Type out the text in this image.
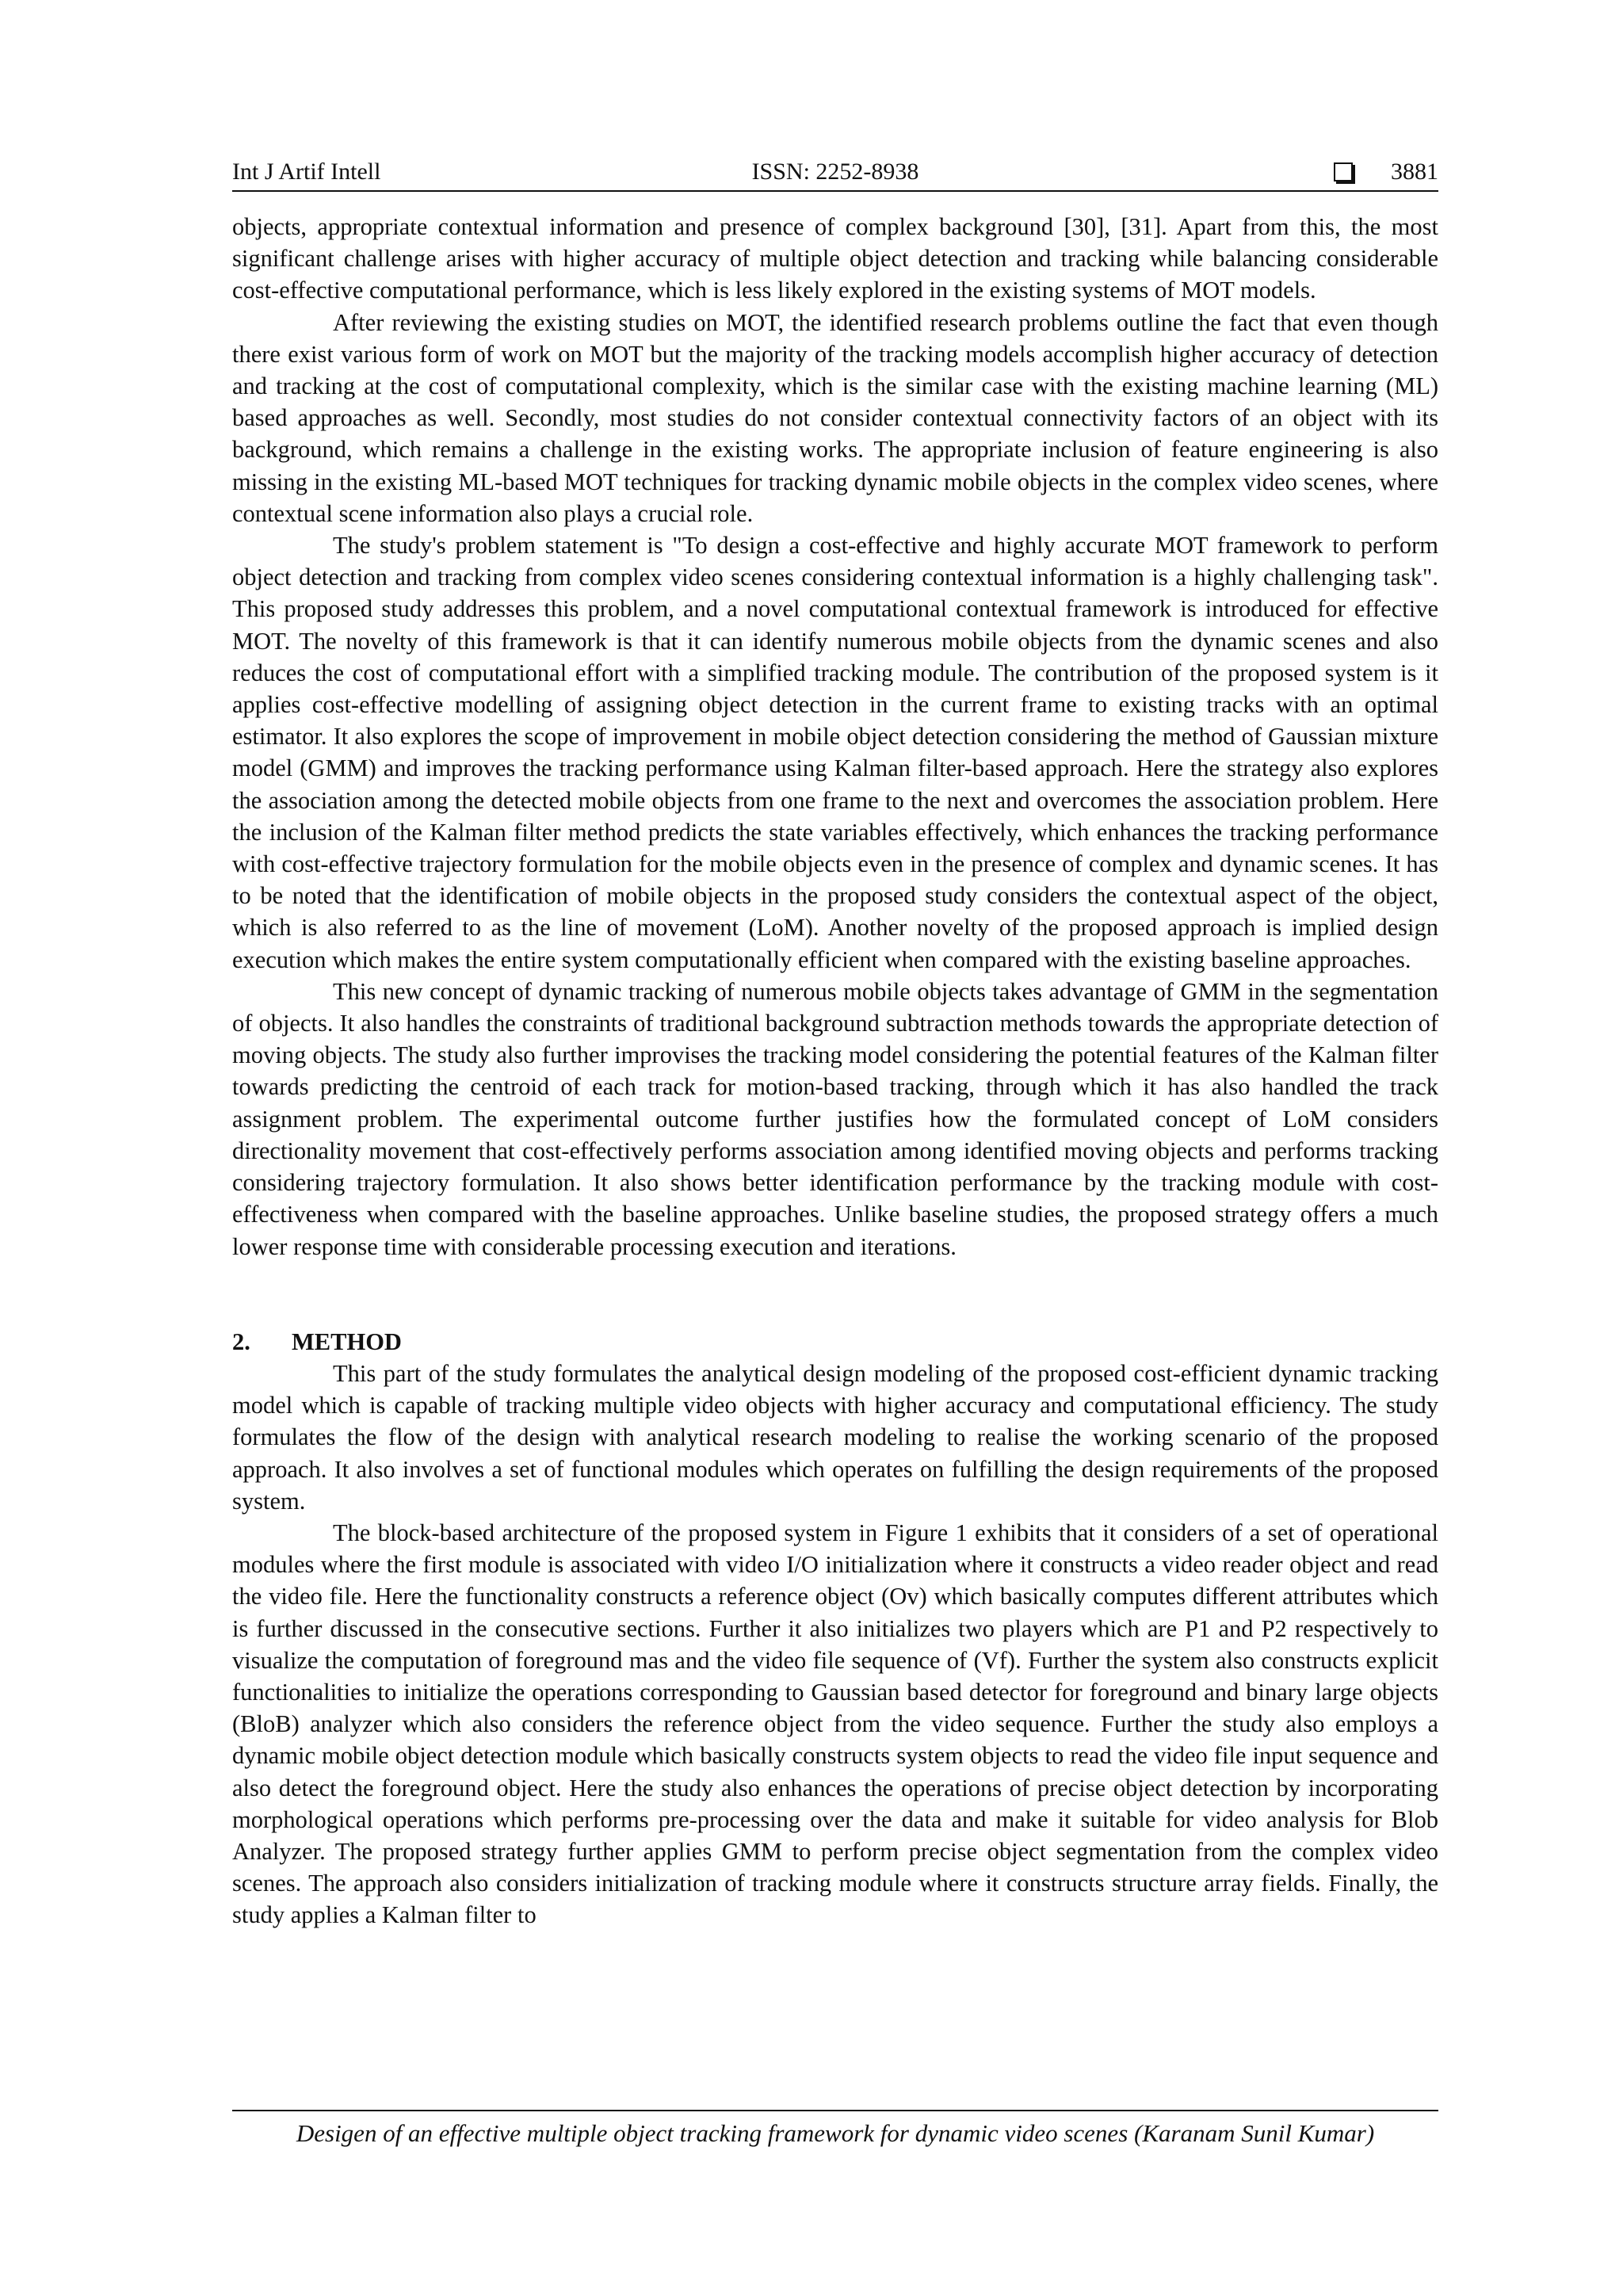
Int J Artif Intell	ISSN: 2252-8938	3881

objects, appropriate contextual information and presence of complex background [30], [31]. Apart from this, the most significant challenge arises with higher accuracy of multiple object detection and tracking while balancing considerable cost-effective computational performance, which is less likely explored in the existing systems of MOT models.

After reviewing the existing studies on MOT, the identified research problems outline the fact that even though there exist various form of work on MOT but the majority of the tracking models accomplish higher accuracy of detection and tracking at the cost of computational complexity, which is the similar case with the existing machine learning (ML) based approaches as well. Secondly, most studies do not consider contextual connectivity factors of an object with its background, which remains a challenge in the existing works. The appropriate inclusion of feature engineering is also missing in the existing ML-based MOT techniques for tracking dynamic mobile objects in the complex video scenes, where contextual scene information also plays a crucial role.

The study's problem statement is "To design a cost-effective and highly accurate MOT framework to perform object detection and tracking from complex video scenes considering contextual information is a highly challenging task". This proposed study addresses this problem, and a novel computational contextual framework is introduced for effective MOT. The novelty of this framework is that it can identify numerous mobile objects from the dynamic scenes and also reduces the cost of computational effort with a simplified tracking module. The contribution of the proposed system is it applies cost-effective modelling of assigning object detection in the current frame to existing tracks with an optimal estimator. It also explores the scope of improvement in mobile object detection considering the method of Gaussian mixture model (GMM) and improves the tracking performance using Kalman filter-based approach. Here the strategy also explores the association among the detected mobile objects from one frame to the next and overcomes the association problem. Here the inclusion of the Kalman filter method predicts the state variables effectively, which enhances the tracking performance with cost-effective trajectory formulation for the mobile objects even in the presence of complex and dynamic scenes. It has to be noted that the identification of mobile objects in the proposed study considers the contextual aspect of the object, which is also referred to as the line of movement (LoM). Another novelty of the proposed approach is implied design execution which makes the entire system computationally efficient when compared with the existing baseline approaches.

This new concept of dynamic tracking of numerous mobile objects takes advantage of GMM in the segmentation of objects. It also handles the constraints of traditional background subtraction methods towards the appropriate detection of moving objects. The study also further improvises the tracking model considering the potential features of the Kalman filter towards predicting the centroid of each track for motion-based tracking, through which it has also handled the track assignment problem. The experimental outcome further justifies how the formulated concept of LoM considers directionality movement that cost-effectively performs association among identified moving objects and performs tracking considering trajectory formulation. It also shows better identification performance by the tracking module with cost-effectiveness when compared with the baseline approaches. Unlike baseline studies, the proposed strategy offers a much lower response time with considerable processing execution and iterations.

2. METHOD

This part of the study formulates the analytical design modeling of the proposed cost-efficient dynamic tracking model which is capable of tracking multiple video objects with higher accuracy and computational efficiency. The study formulates the flow of the design with analytical research modeling to realise the working scenario of the proposed approach. It also involves a set of functional modules which operates on fulfilling the design requirements of the proposed system.

The block-based architecture of the proposed system in Figure 1 exhibits that it considers of a set of operational modules where the first module is associated with video I/O initialization where it constructs a video reader object and read the video file. Here the functionality constructs a reference object (Ov) which basically computes different attributes which is further discussed in the consecutive sections. Further it also initializes two players which are P1 and P2 respectively to visualize the computation of foreground mas and the video file sequence of (Vf). Further the system also constructs explicit functionalities to initialize the operations corresponding to Gaussian based detector for foreground and binary large objects (BloB) analyzer which also considers the reference object from the video sequence. Further the study also employs a dynamic mobile object detection module which basically constructs system objects to read the video file input sequence and also detect the foreground object. Here the study also enhances the operations of precise object detection by incorporating morphological operations which performs pre-processing over the data and make it suitable for video analysis for Blob Analyzer. The proposed strategy further applies GMM to perform precise object segmentation from the complex video scenes. The approach also considers initialization of tracking module where it constructs structure array fields. Finally, the study applies a Kalman filter to

Desigen of an effective multiple object tracking framework for dynamic video scenes (Karanam Sunil Kumar)
